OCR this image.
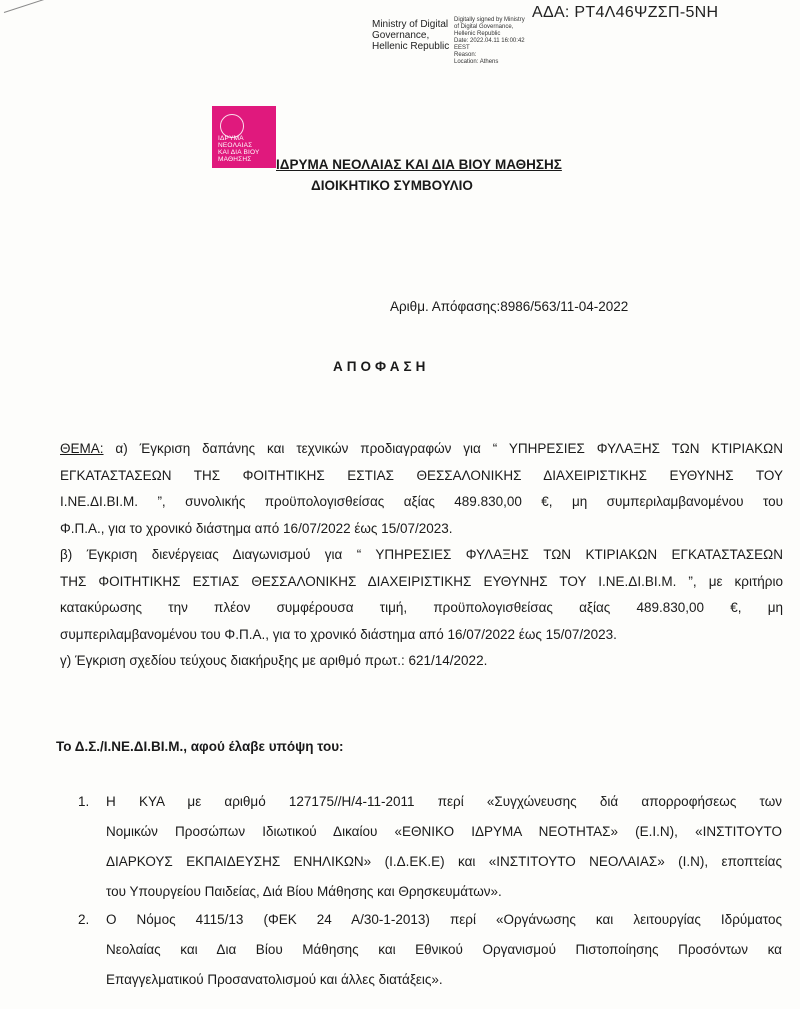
ΑΔΑ: ΡΤ4Λ46ΨΖΣΠ-5ΝΗ
Ministry of Digital
Governance,
Hellenic Republic
Digitally signed by Ministry
of Digital Governance,
Hellenic Republic
Date: 2022.04.11 16:00:42
EEST
Reason:
Location: Athens
ΙΔΡΥΜΑ
ΝΕΟΛΑΙΑΣ
ΚΑΙ ΔΙΑ ΒΙΟΥ
ΜΑΘΗΣΗΣ	ΙΔΡΥΜΑ ΝΕΟΛΑΙΑΣ ΚΑΙ ΔΙΑ ΒΙΟΥ ΜΑΘΗΣΗΣ
ΔΙΟΙΚΗΤΙΚΟ ΣΥΜΒΟΥΛΙΟ
Αριθμ. Απόφασης:8986/563/11-04-2022
ΑΠΟΦΑΣΗ
ΘΕΜΑ: α) Έγκριση δαπάνης και τεχνικών προδιαγραφών για “ ΥΠΗΡΕΣΙΕΣ ΦΥΛΑΞΗΣ ΤΩΝ ΚΤΙΡΙΑΚΩΝ
ΕΓΚΑΤΑΣΤΑΣΕΩΝ ΤΗΣ ΦΟΙΤΗΤΙΚΗΣ ΕΣΤΙΑΣ ΘΕΣΣΑΛΟΝΙΚΗΣ ΔΙΑΧΕΙΡΙΣΤΙΚΗΣ ΕΥΘΥΝΗΣ ΤΟΥ
Ι.ΝΕ.ΔΙ.ΒΙ.Μ. ”, συνολικής προϋπολογισθείσας αξίας 489.830,00 €, μη συμπεριλαμβανομένου του
Φ.Π.Α., για το χρονικό διάστημα από 16/07/2022 έως 15/07/2023.
β) Έγκριση διενέργειας Διαγωνισμού για “ ΥΠΗΡΕΣΙΕΣ ΦΥΛΑΞΗΣ ΤΩΝ ΚΤΙΡΙΑΚΩΝ ΕΓΚΑΤΑΣΤΑΣΕΩΝ
ΤΗΣ ΦΟΙΤΗΤΙΚΗΣ ΕΣΤΙΑΣ ΘΕΣΣΑΛΟΝΙΚΗΣ ΔΙΑΧΕΙΡΙΣΤΙΚΗΣ ΕΥΘΥΝΗΣ ΤΟΥ Ι.ΝΕ.ΔΙ.ΒΙ.Μ. ”, με κριτήριο
κατακύρωσης την πλέον συμφέρουσα τιμή, προϋπολογισθείσας αξίας 489.830,00 €, μη
συμπεριλαμβανομένου του Φ.Π.Α., για το χρονικό διάστημα από 16/07/2022 έως 15/07/2023.
γ) Έγκριση σχεδίου τεύχους διακήρυξης με αριθμό πρωτ.: 621/14/2022.
Το Δ.Σ./Ι.ΝΕ.ΔΙ.ΒΙ.Μ., αφού έλαβε υπόψη του:
1. Η ΚΥΑ με αριθμό 127175//Η/4-11-2011 περί «Συγχώνευσης διά απορροφήσεως των
Νομικών Προσώπων Ιδιωτικού Δικαίου «ΕΘΝΙΚΟ ΙΔΡΥΜΑ ΝΕΟΤΗΤΑΣ» (Ε.Ι.Ν), «ΙΝΣΤΙΤΟΥΤΟ
ΔΙΑΡΚΟΥΣ ΕΚΠΑΙΔΕΥΣΗΣ ΕΝΗΛΙΚΩΝ» (Ι.Δ.ΕΚ.Ε) και «ΙΝΣΤΙΤΟΥΤΟ ΝΕΟΛΑΙΑΣ» (Ι.Ν), εποπτείας
του Υπουργείου Παιδείας, Διά Βίου Μάθησης και Θρησκευμάτων».
2. Ο Νόμος 4115/13 (ΦΕΚ 24 Α/30-1-2013) περί «Οργάνωσης και λειτουργίας Ιδρύματος
Νεολαίας και Δια Βίου Μάθησης και Εθνικού Οργανισμού Πιστοποίησης Προσόντων κα
Επαγγελματικού Προσανατολισμού και άλλες διατάξεις».
